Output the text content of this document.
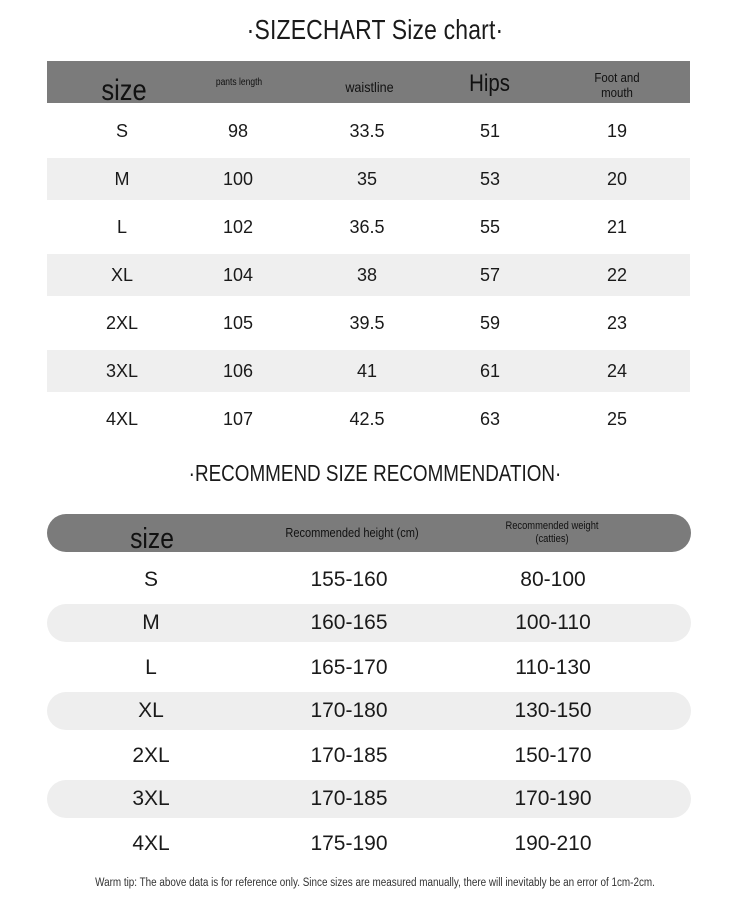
·SIZECHART Size chart·
size	pants length	waistline	Hips	Foot and mouth
S	98	33.5	51	19
M	100	35	53	20
L	102	36.5	55	21
XL	104	38	57	22
2XL	105	39.5	59	23
3XL	106	41	61	24
4XL	107	42.5	63	25
·RECOMMEND SIZE RECOMMENDATION·
size	Recommended height (cm)	Recommended weight (catties)
S	155-160	80-100
M	160-165	100-110
L	165-170	110-130
XL	170-180	130-150
2XL	170-185	150-170
3XL	170-185	170-190
4XL	175-190	190-210
Warm tip: The above data is for reference only. Since sizes are measured manually, there will inevitably be an error of 1cm-2cm.
